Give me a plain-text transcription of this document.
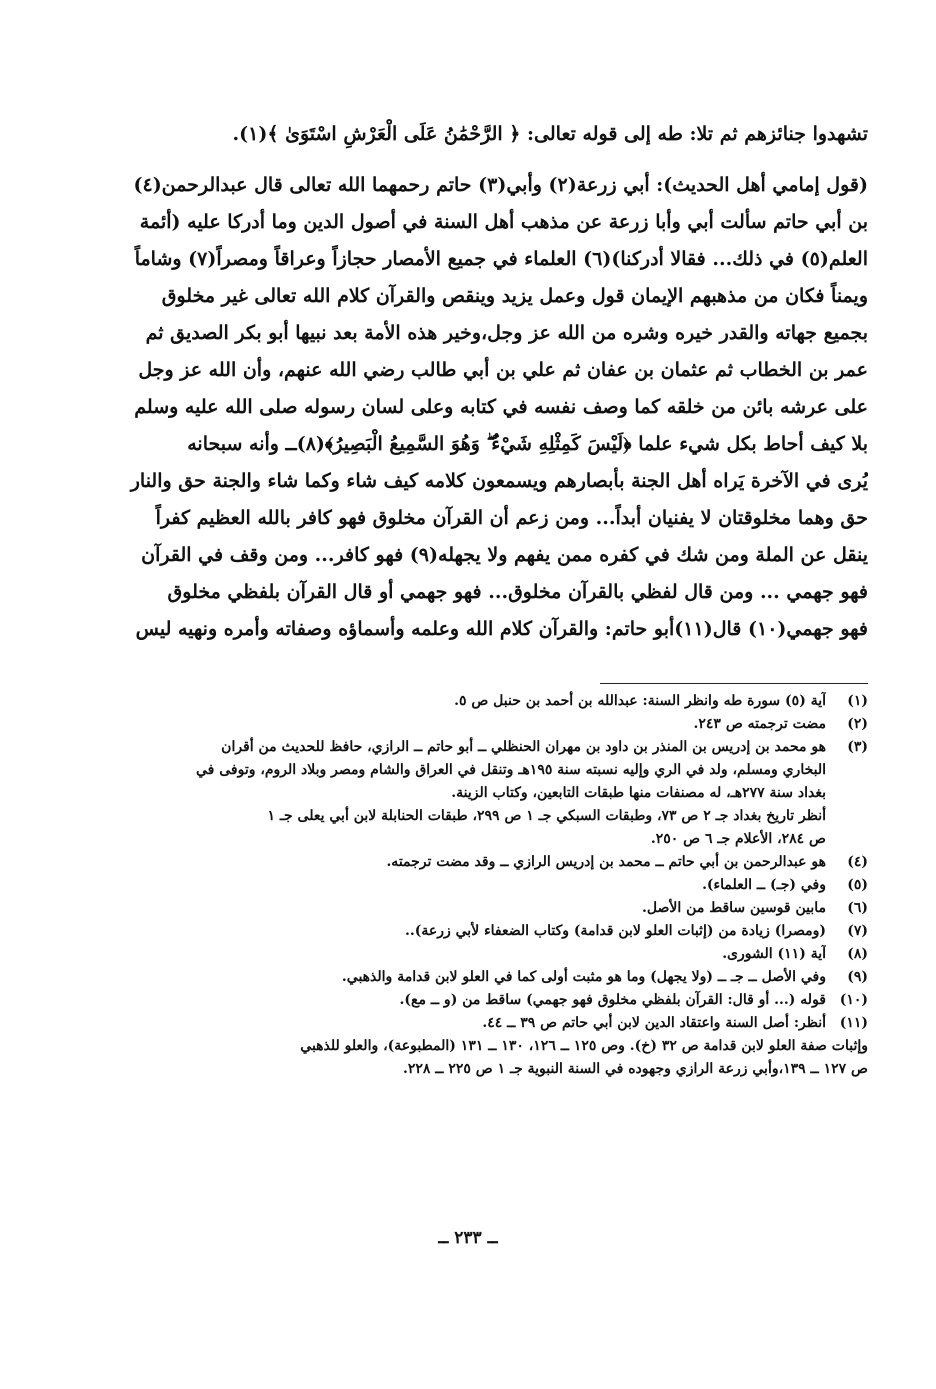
تشهدوا جنائزهم ثم تلا: طه إلى قوله تعالى: ﴿ الرَّحْمَٰنُ عَلَى الْعَرْشِ اسْتَوَىٰ ﴾(١).
(قول إمامي أهل الحديث): أبي زرعة(٢) وأبي(٣) حاتم رحمهما الله تعالى قال عبدالرحمن(٤)
بن أبي حاتم سألت أبي وأبا زرعة عن مذهب أهل السنة في أصول الدين وما أدركا عليه (أئمة
العلم(٥) في ذلك... فقالا أدركنا)(٦) العلماء في جميع الأمصار حجازاً وعراقاً ومصراً(٧) وشاماً
ويمناً فكان من مذهبهم الإيمان قول وعمل يزيد وينقص والقرآن كلام الله تعالى غير مخلوق
بجميع جهاته والقدر خيره وشره من الله عز وجل،وخير هذه الأمة بعد نبيها أبو بكر الصديق ثم
عمر بن الخطاب ثم عثمان بن عفان ثم علي بن أبي طالب رضي الله عنهم، وأن الله عز وجل
على عرشه بائن من خلقه كما وصف نفسه في كتابه وعلى لسان رسوله صلى الله عليه وسلم
بلا كيف أحاط بكل شيء علما ﴿لَيْسَ كَمِثْلِهِ شَيْءٌ ۖ وَهُوَ السَّمِيعُ الْبَصِيرُ﴾(٨)ــ وأنه سبحانه
يُرى في الآخرة يَراه أهل الجنة بأبصارهم ويسمعون كلامه كيف شاء وكما شاء والجنة حق والنار
حق وهما مخلوقتان لا يفنيان أبداً... ومن زعم أن القرآن مخلوق فهو كافر بالله العظيم كفراً
ينقل عن الملة ومن شك في كفره ممن يفهم ولا يجهله(٩) فهو كافر... ومن وقف في القرآن
فهو جهمي ... ومن قال لفظي بالقرآن مخلوق... فهو جهمي أو قال القرآن بلفظي مخلوق
فهو جهمي(١٠) قال(١١)أبو حاتم: والقرآن كلام الله وعلمه وأسماؤه وصفاته وأمره ونهيه ليس
(١)
آية (٥) سورة طه وانظر السنة: عبدالله بن أحمد بن حنبل ص ٥.
(٢)
مضت ترجمته ص ٢٤٣.
(٣)
هو محمد بن إدريس بن المنذر بن داود بن مهران الحنظلي ــ أبو حاتم ــ الرازي، حافظ للحديث من أقران
البخاري ومسلم، ولد في الري وإليه نسبته سنة ١٩٥هـ وتنقل في العراق والشام ومصر وبلاد الروم، وتوفى في
بغداد سنة ٢٧٧هـ، له مصنفات منها طبقات التابعين، وكتاب الزينة.
أنظر تاريخ بغداد جـ ٢ ص ٧٣، وطبقات السبكي جـ ١ ص ٢٩٩، طبقات الحنابلة لابن أبي يعلى جـ ١
ص ٢٨٤، الأعلام جـ ٦ ص ٢٥٠.
(٤)
هو عبدالرحمن بن أبي حاتم ــ محمد بن إدريس الرازي ــ وقد مضت ترجمته.
(٥)
وفي (جـ) ــ العلماء).
(٦)
مابين قوسين ساقط من الأصل.
(٧)
(ومصرا) زيادة من (إثبات العلو لابن قدامة) وكتاب الضعفاء لأبي زرعة)..
(٨)
آية (١١) الشورى.
(٩)
وفي الأصل ــ جـ ــ (ولا يجهل) وما هو مثبت أولى كما في العلو لابن قدامة والذهبي.
(١٠)
قوله (... أو قال: القرآن بلفظي مخلوق فهو جهمي) ساقط من (و ــ مع).
(١١)
أنظر: أصل السنة واعتقاد الدين لابن أبي حاتم ص ٣٩ ــ ٤٤.
وإثبات صفة العلو لابن قدامة ص ٣٢ (خ). وص ١٢٥ ــ ١٢٦، ١٣٠ ــ ١٣١ (المطبوعة)، والعلو للذهبي
ص ١٢٧ ــ ١٣٩،وأبي زرعة الرازي وجهوده في السنة النبوية جـ ١ ص ٢٢٥ ــ ٢٢٨.
ــ ٢٣٣ ــ
